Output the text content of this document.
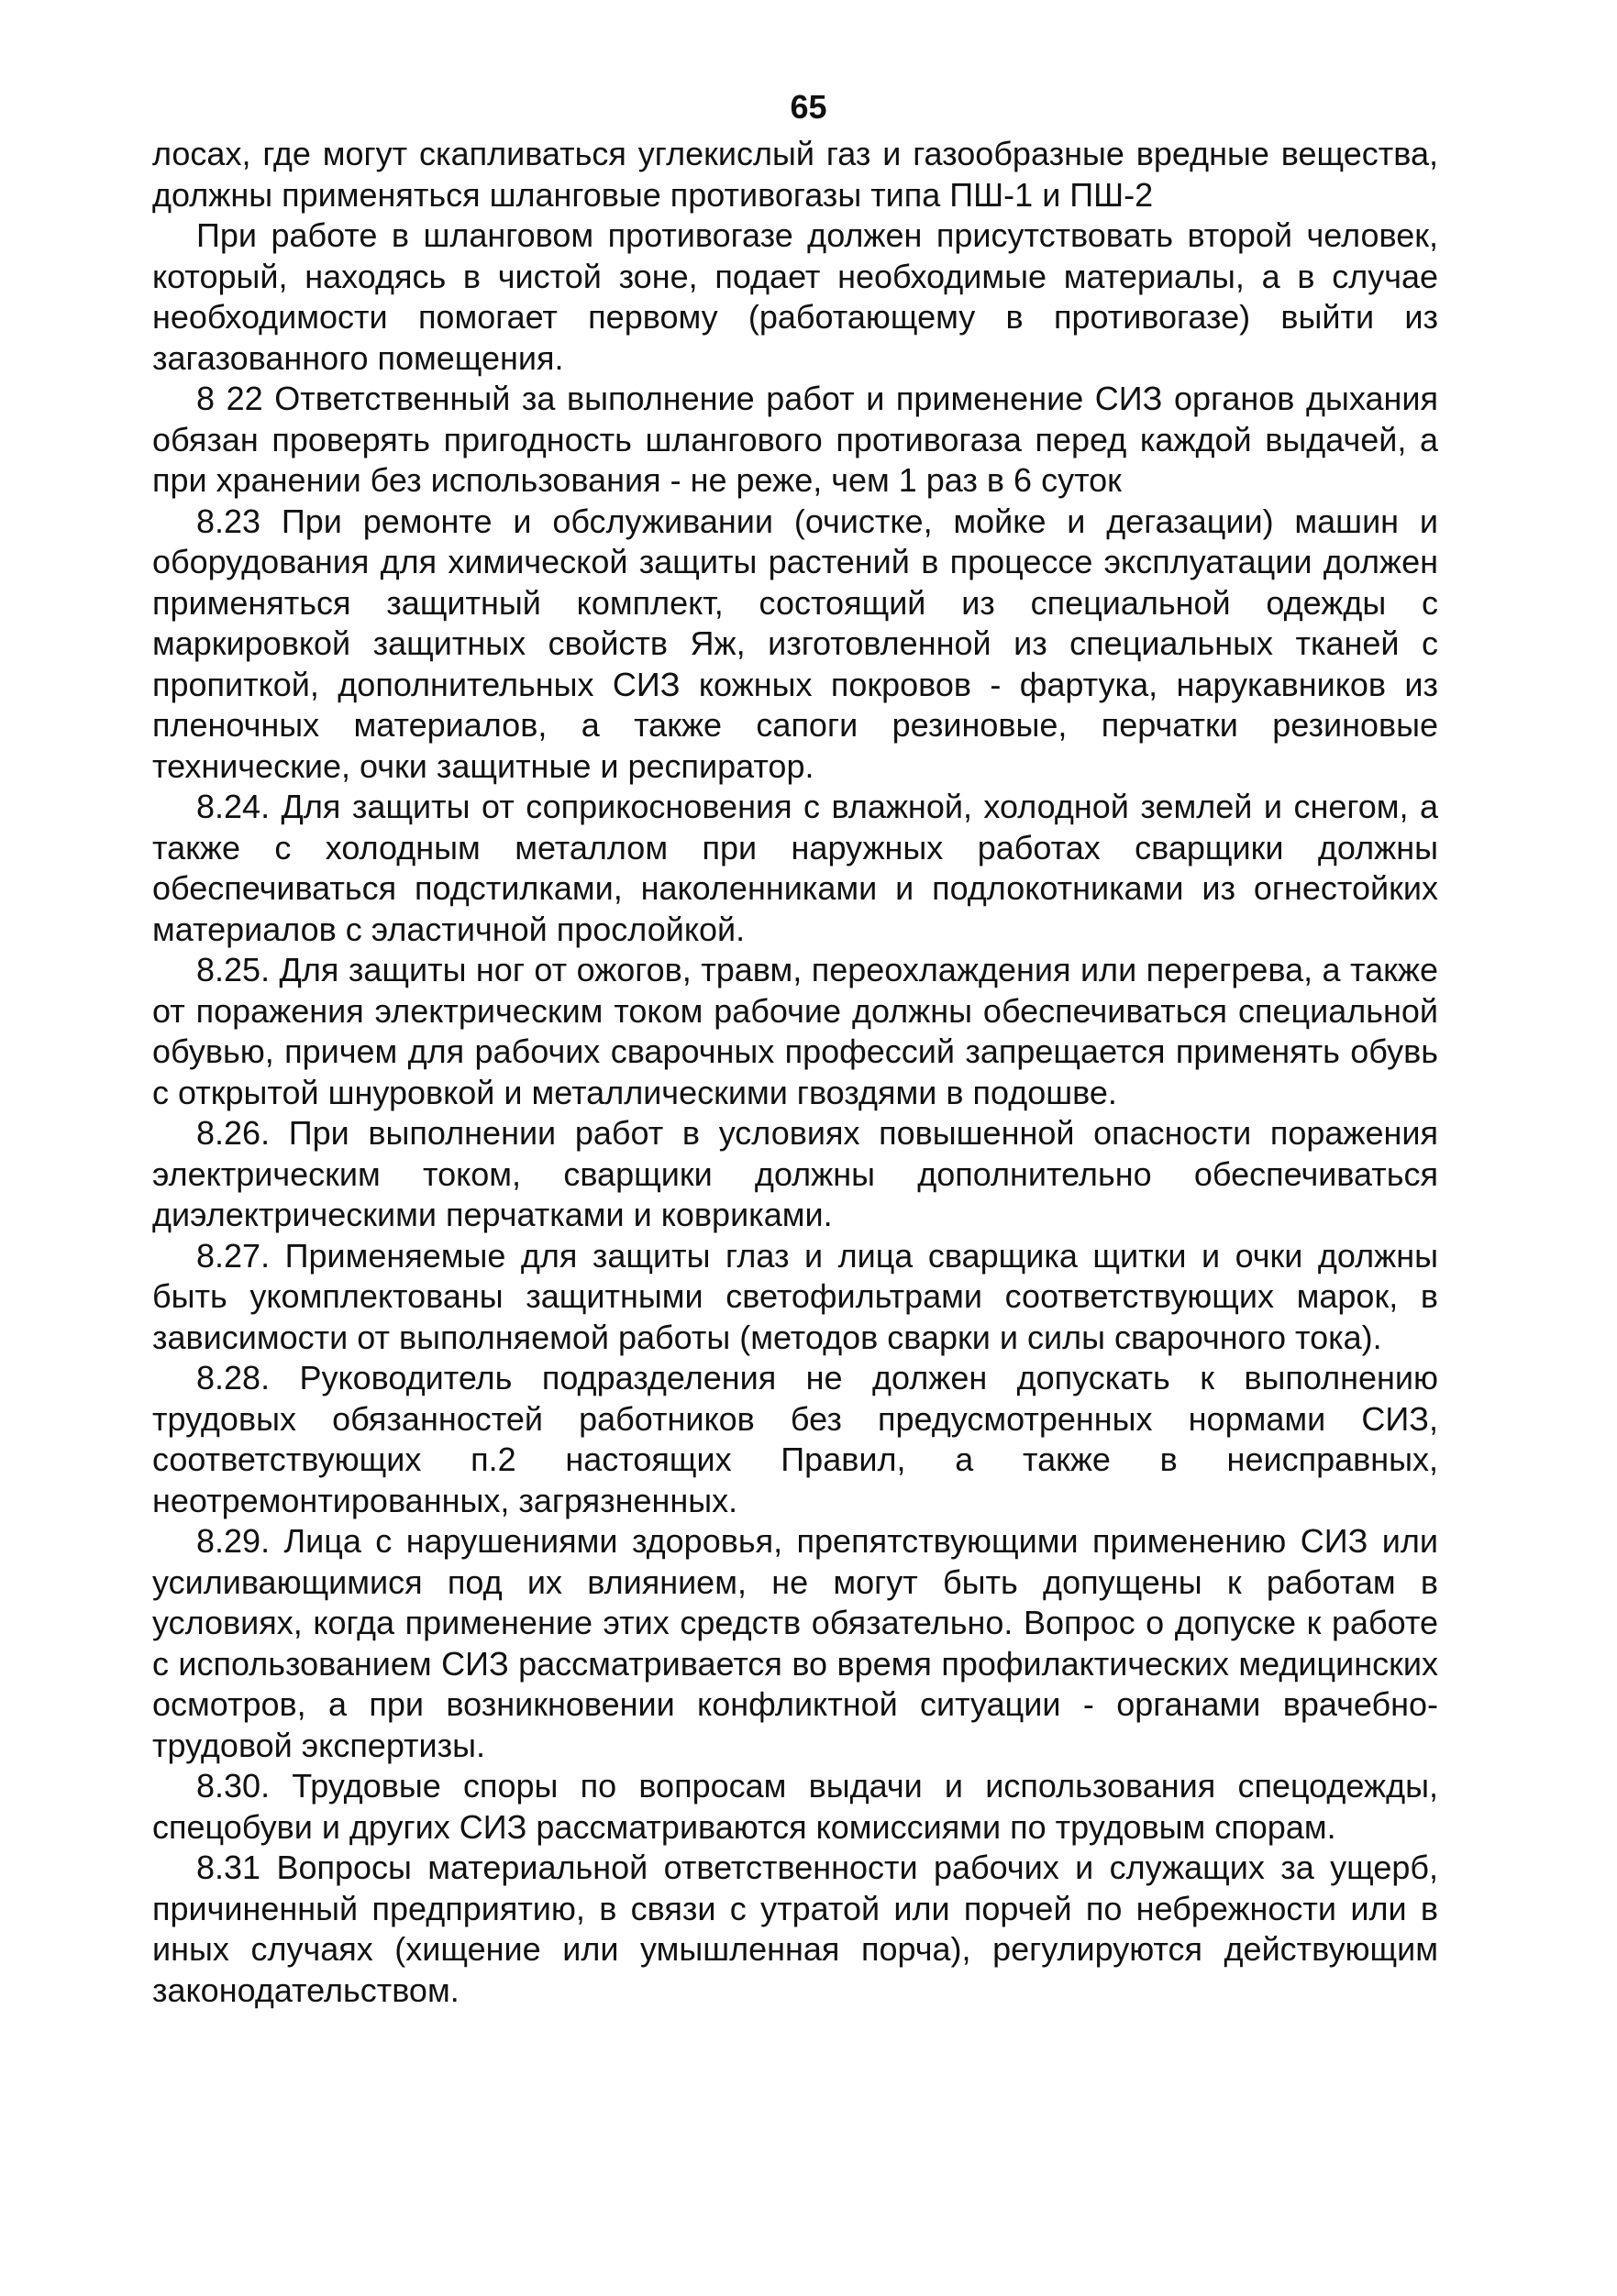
65

лосах, где могут скапливаться углекислый газ и газообразные вредные вещества, должны применяться шланговые противогазы типа ПШ-1 и ПШ-2

При работе в шланговом противогазе должен присутствовать второй человек, который, находясь в чистой зоне, подает необходимые материалы, а в случае необходимости помогает первому (работающему в противогазе) выйти из загазованного помещения.

8 22 Ответственный за выполнение работ и применение СИЗ органов дыхания обязан проверять пригодность шлангового противогаза перед каждой выдачей, а при хранении без использования - не реже, чем 1 раз в 6 суток

8.23 При ремонте и обслуживании (очистке, мойке и дегазации) машин и оборудования для химической защиты растений в процессе эксплуатации должен применяться защитный комплект, состоящий из специальной одежды с маркировкой защитных свойств Яж, изготовленной из специальных тканей с пропиткой, дополнительных СИЗ кожных покровов - фартука, нарукавников из пленочных материалов, а также сапоги резиновые, перчатки резиновые технические, очки защитные и респиратор.

8.24. Для защиты от соприкосновения с влажной, холодной землей и снегом, а также с холодным металлом при наружных работах сварщики должны обеспечиваться подстилками, наколенниками и подлокотниками из огнестойких материалов с эластичной прослойкой.

8.25. Для защиты ног от ожогов, травм, переохлаждения или перегрева, а также от поражения электрическим током рабочие должны обеспечиваться специальной обувью, причем для рабочих сварочных профессий запрещается применять обувь с открытой шнуровкой и металлическими гвоздями в подошве.

8.26. При выполнении работ в условиях повышенной опасности поражения электрическим током, сварщики должны дополнительно обеспечиваться диэлектрическими перчатками и ковриками.

8.27. Применяемые для защиты глаз и лица сварщика щитки и очки должны быть укомплектованы защитными светофильтрами соответствующих марок, в зависимости от выполняемой работы (методов сварки и силы сварочного тока).

8.28. Руководитель подразделения не должен допускать к выполнению трудовых обязанностей работников без предусмотренных нормами СИЗ, соответствующих п.2 настоящих Правил, а также в неисправных, неотремонтированных, загрязненных.

8.29. Лица с нарушениями здоровья, препятствующими применению СИЗ или усиливающимися под их влиянием, не могут быть допущены к работам в условиях, когда применение этих средств обязательно. Вопрос о допуске к работе с использованием СИЗ рассматривается во время профилактических медицинских осмотров, а при возникновении конфликтной ситуации - органами врачебно-трудовой экспертизы.

8.30. Трудовые споры по вопросам выдачи и использования спецодежды, спецобуви и других СИЗ рассматриваются комиссиями по трудовым спорам.

8.31 Вопросы материальной ответственности рабочих и служащих за ущерб, причиненный предприятию, в связи с утратой или порчей по небрежности или в иных случаях (хищение или умышленная порча), регулируются действующим законодательством.
